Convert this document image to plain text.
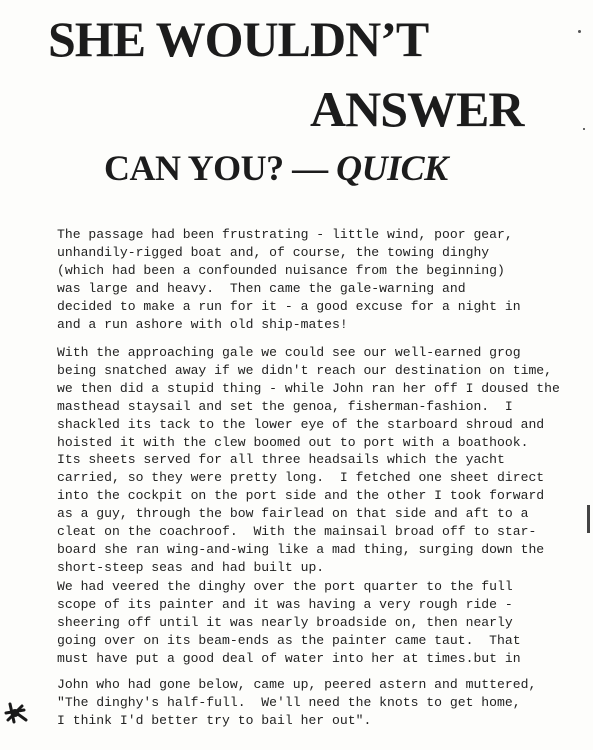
SHE WOULDN’T
ANSWER
CAN YOU? — QUICK
The passage had been frustrating - little wind, poor gear,
unhandily-rigged boat and, of course, the towing dinghy
(which had been a confounded nuisance from the beginning)
was large and heavy.  Then came the gale-warning and
decided to make a run for it - a good excuse for a night in
and a run ashore with old ship-mates!
With the approaching gale we could see our well-earned grog
being snatched away if we didn't reach our destination on time,
we then did a stupid thing - while John ran her off I doused the
masthead staysail and set the genoa, fisherman-fashion.  I
shackled its tack to the lower eye of the starboard shroud and
hoisted it with the clew boomed out to port with a boathook.
Its sheets served for all three headsails which the yacht
carried, so they were pretty long.  I fetched one sheet direct
into the cockpit on the port side and the other I took forward
as a guy, through the bow fairlead on that side and aft to a
cleat on the coachroof.  With the mainsail broad off to star-
board she ran wing-and-wing like a mad thing, surging down the
short-steep seas and had built up.
We had veered the dinghy over the port quarter to the full
scope of its painter and it was having a very rough ride -
sheering off until it was nearly broadside on, then nearly
going over on its beam-ends as the painter came taut.  That
must have put a good deal of water into her at times.but in
John who had gone below, came up, peered astern and muttered,
"The dinghy's half-full.  We'll need the knots to get home,
I think I'd better try to bail her out".
